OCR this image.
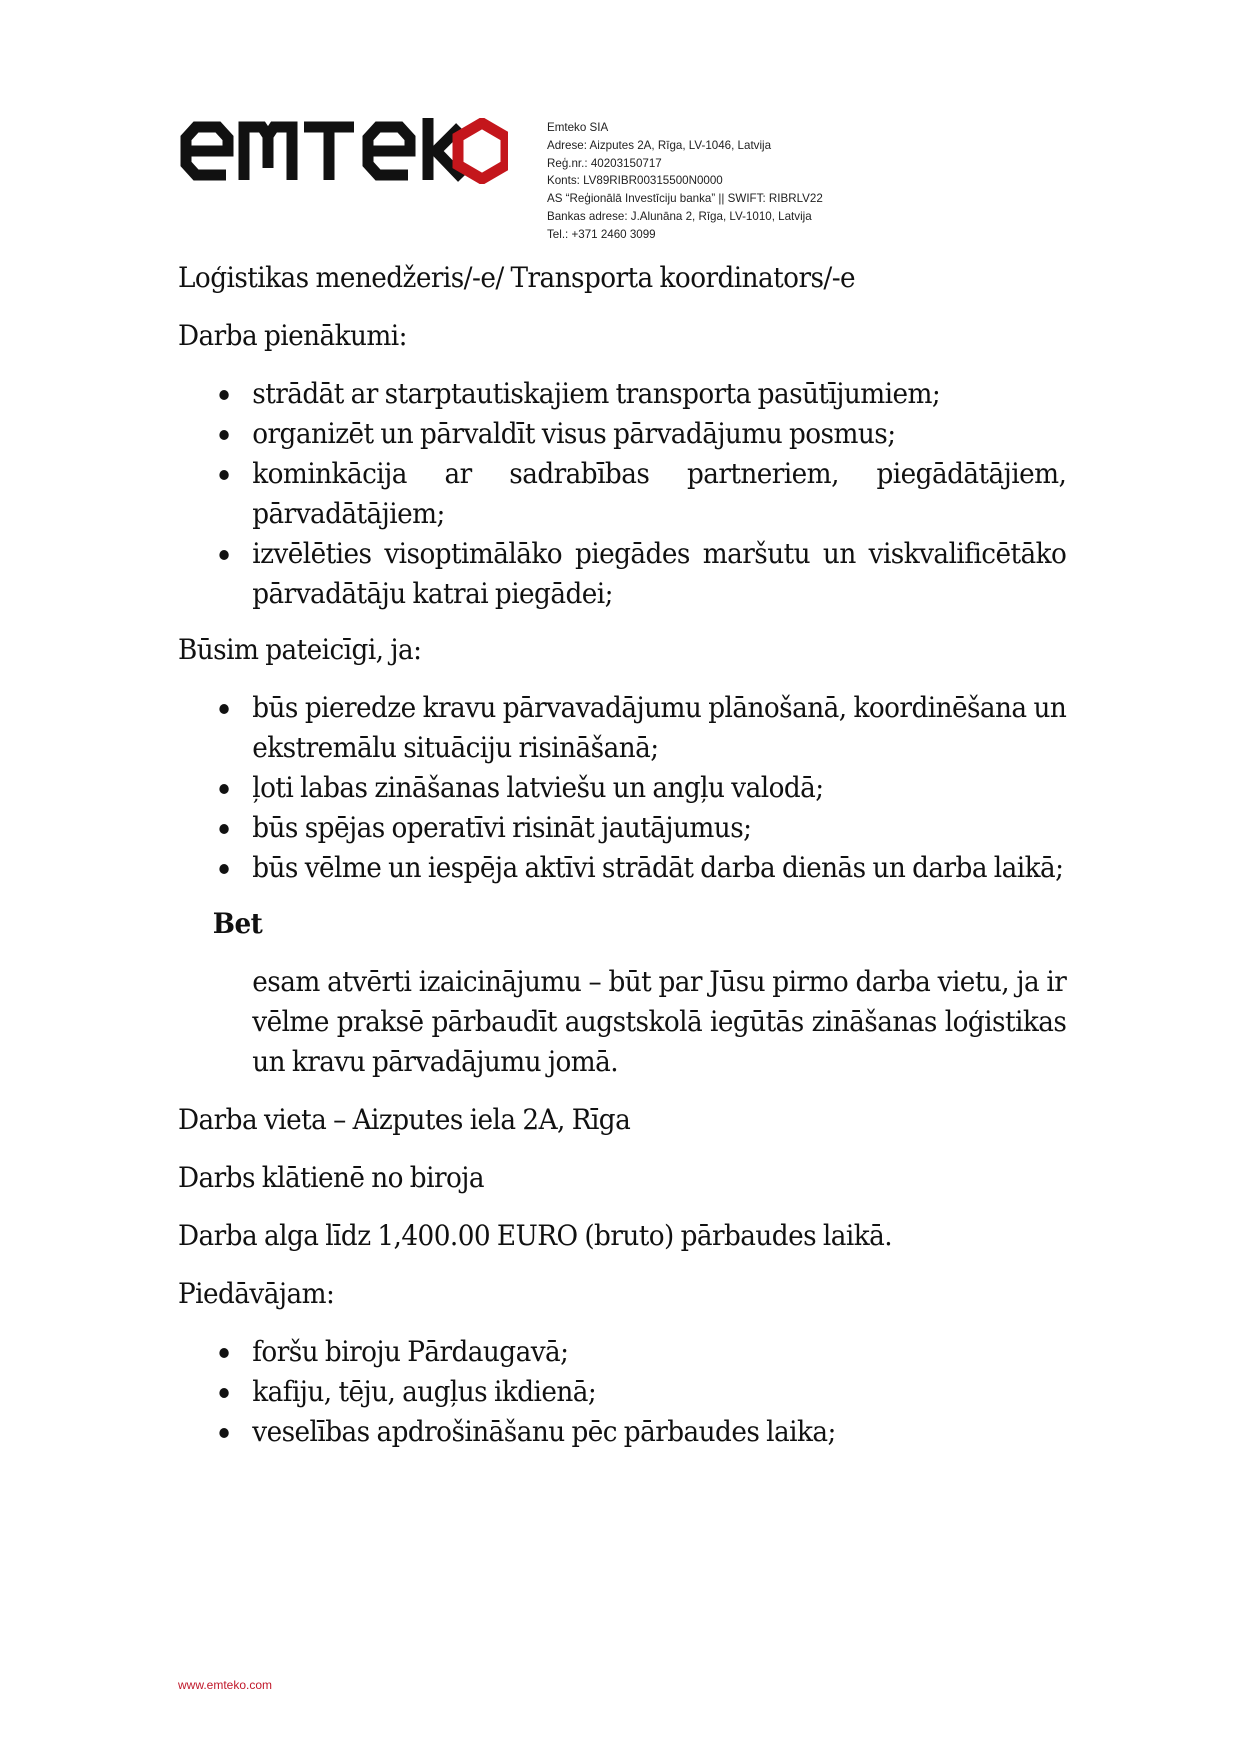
Emteko SIA
Adrese: Aizputes 2A, Rīga, LV-1046, Latvija
Reģ.nr.: 40203150717
Konts: LV89RIBR00315500N0000
AS “Reģionālā Investīciju banka” || SWIFT: RIBRLV22
Bankas adrese: J.Alunāna 2, Rīga, LV-1010, Latvija
Tel.: +371 2460 3099

Loģistikas menedžeris/-e/ Transporta koordinators/-e

Darba pienākumi:

strādāt ar starptautiskajiem transporta pasūtījumiem;
organizēt un pārvaldīt visus pārvadājumu posmus;
kominkācija ar sadrabības partneriem, piegādātājiem, pārvadātājiem;
izvēlēties visoptimālāko piegādes maršutu un viskvalificētāko pārvadātāju katrai piegādei;

Būsim pateicīgi, ja:

būs pieredze kravu pārvavadājumu plānošanā, koordinēšana un ekstremālu situāciju risināšanā;
ļoti labas zināšanas latviešu un angļu valodā;
būs spējas operatīvi risināt jautājumus;
būs vēlme un iespēja aktīvi strādāt darba dienās un darba laikā;

Bet

esam atvērti izaicinājumu – būt par Jūsu pirmo darba vietu, ja ir vēlme praksē pārbaudīt augstskolā iegūtās zināšanas loģistikas un kravu pārvadājumu jomā.

Darba vieta – Aizputes iela 2A, Rīga

Darbs klātienē no biroja

Darba alga līdz 1,400.00 EURO (bruto) pārbaudes laikā.

Piedāvājam:

foršu biroju Pārdaugavā;
kafiju, tēju, augļus ikdienā;
veselības apdrošināšanu pēc pārbaudes laika;
www.emteko.com
